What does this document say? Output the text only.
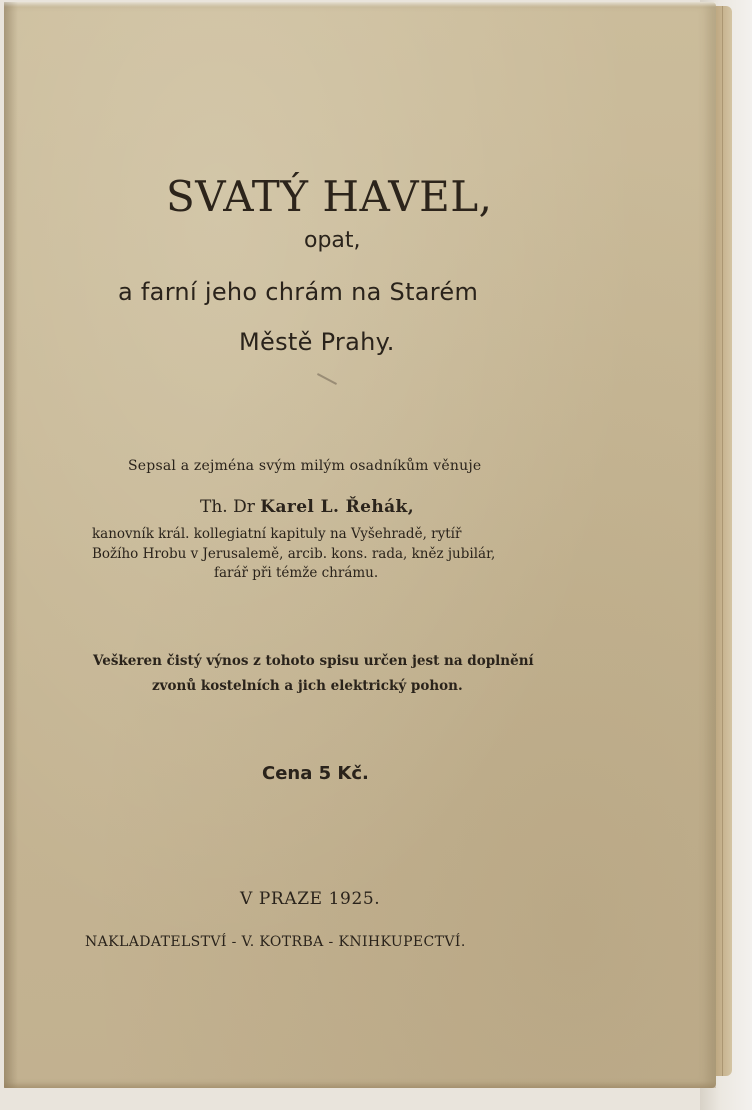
SVATÝ HAVEL,
opat,
a farní jeho chrám na Starém
Městě Prahy.
Sepsal a zejména svým milým osadníkům věnuje
Th. Dr Karel L. Řehák,
kanovník král. kollegiatní kapituly na Vyšehradě, rytíř
Božího Hrobu v Jerusalemě, arcib. kons. rada, kněz jubilár,
farář při témže chrámu.
Veškeren čistý výnos z tohoto spisu určen jest na doplnění
zvonů kostelních a jich elektrický pohon.
Cena 5 Kč.
V PRAZE 1925.
NAKLADATELSTVÍ - V. KOTRBA - KNIHKUPECTVÍ.
